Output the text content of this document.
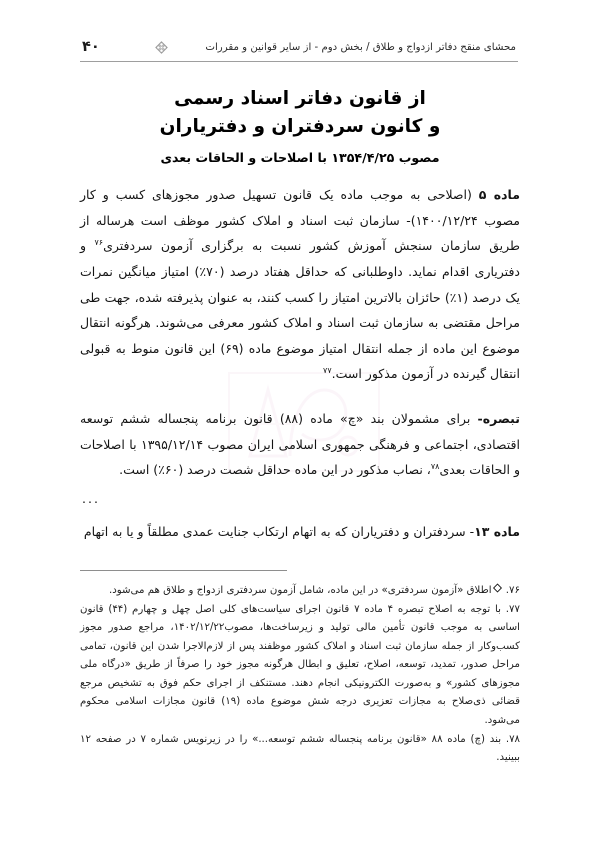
محشای منقح دفاتر ازدواج و طلاق / بخش دوم - از سایر قوانین و مقررات
۴۰
از قانون دفاتر اسناد رسمی
و کانون سردفتران و دفتریاران
مصوب ۱۳۵۴/۴/۲۵ با اصلاحات و الحاقات بعدی

ماده ۵ (اصلاحی به موجب ماده یک قانون تسهیل صدور مجوزهای کسب و کار مصوب ۱۴۰۰/۱۲/۲۴)- سازمان ثبت اسناد و املاک کشور موظف است هرساله از طریق سازمان سنجش آموزش کشور نسبت به برگزاری آزمون سردفتری$^{۷۶}$ و دفتریاری اقدام نماید. داوطلبانی که حداقل هفتاد درصد (۷۰٪) امتیاز میانگین نمرات یک درصد (۱٪) حائزان بالاترین امتیاز را کسب کنند، به عنوان پذیرفته شده، جهت طی مراحل مقتضی به سازمان ثبت اسناد و املاک کشور معرفی می‌شوند. هرگونه انتقال موضوع این ماده از جمله انتقال امتیاز موضوع ماده (۶۹) این قانون منوط به قبولی انتقال گیرنده در آزمون مذکور است.$^{۷۷}$

تبصره- برای مشمولان بند «چ» ماده (۸۸) قانون برنامه پنجساله ششم توسعه اقتصادی، اجتماعی و فرهنگی جمهوری اسلامی ایران مصوب ۱۳۹۵/۱۲/۱۴ با اصلاحات و الحاقات بعدی$^{۷۸}$، نصاب مذکور در این ماده حداقل شصت درصد (۶۰٪) است.

...

ماده ۱۳- سردفتران و دفتریاران که به اتهام ارتکاب جنایت عمدی مطلقاً و یا به اتهام

۷۶. اطلاق «آزمون سردفتری» در این ماده، شامل آزمون سردفتری ازدواج و طلاق هم می‌شود.

۷۷. با توجه به اصلاح تبصره ۴ ماده ۷ قانون اجرای سیاست‌های کلی اصل چهل و چهارم (۴۴) قانون اساسی به موجب قانون تأمین مالی تولید و زیرساخت‌ها، مصوب۱۴۰۲/۱۲/۲۲، مراجع صدور مجوز کسب‌وکار از جمله سازمان ثبت اسناد و املاک کشور موظفند پس از لازم‌الاجرا شدن این قانون، تمامی مراحل صدور، تمدید، توسعه، اصلاح، تعلیق و ابطال هرگونه مجوز خود را صرفاً از طریق «درگاه ملی مجوزهای کشور» و به‌صورت الکترونیکی انجام دهند. مستنکف از اجرای حکم فوق به تشخیص مرجع قضائی ذی‌صلاح به مجازات تعزیری درجه شش موضوع ماده (۱۹) قانون مجازات اسلامی محکوم می‌شود.

۷۸. بند (چ) ماده ۸۸ «قانون برنامه پنجساله ششم توسعه...» را در زیرنویس شماره ۷ در صفحه ۱۲ ببینید.
